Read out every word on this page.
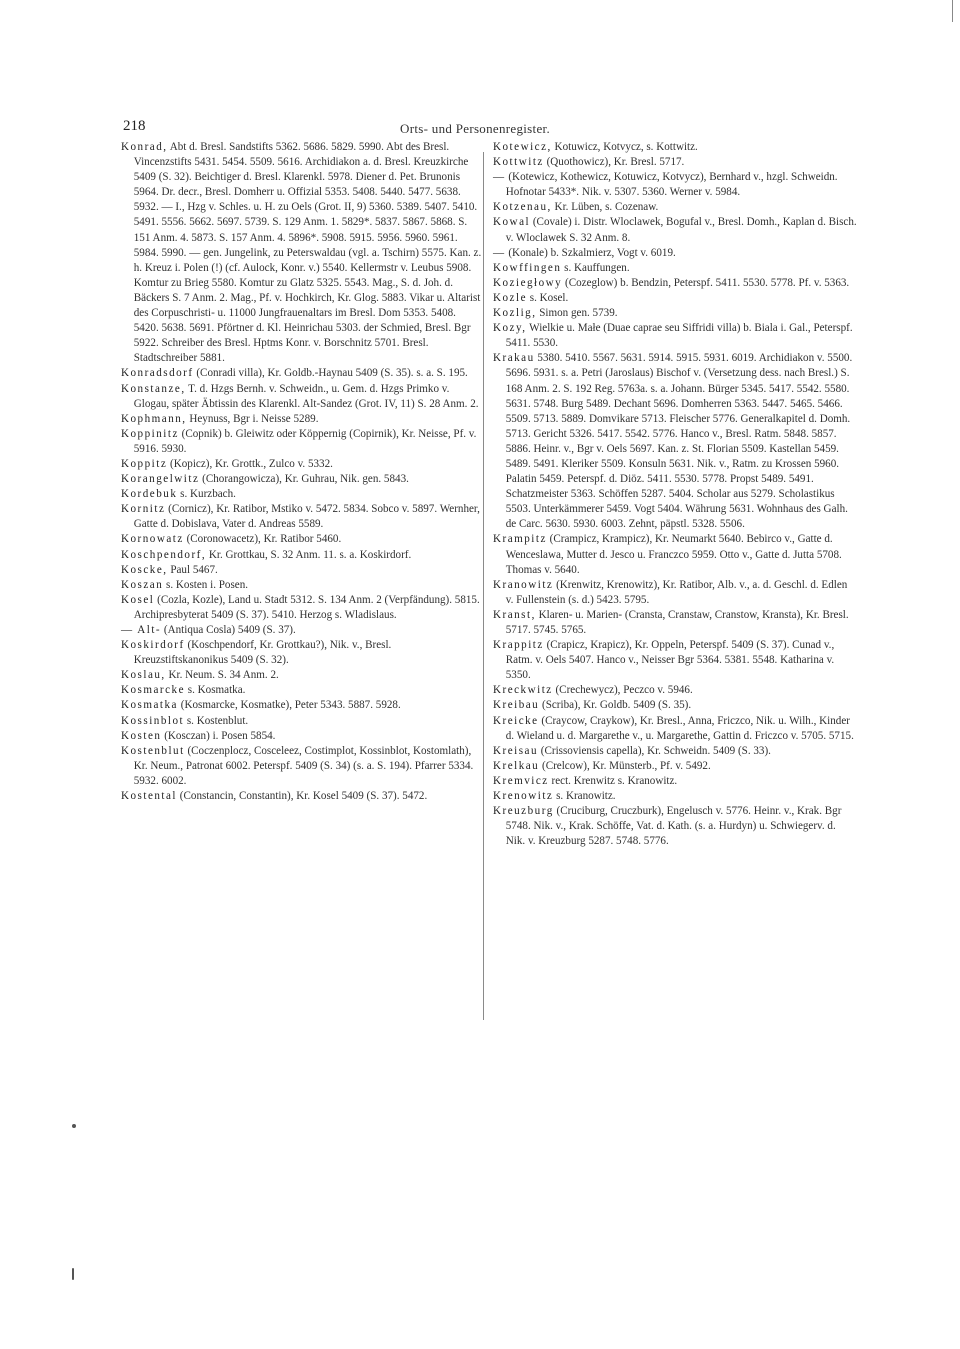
218	Orts- und Personenregister.

Konrad, Abt d. Bresl. Sandstifts 5362. 5686. 5829. 5990. Abt des Bresl. Vincenzstifts 5431. 5454. 5509. 5616. Archidiakon a. d. Bresl. Kreuzkirche 5409 (S. 32). Beichtiger d. Bresl. Klarenkl. 5978. Diener d. Pet. Brunonis 5964. Dr. decr., Bresl. Domherr u. Offizial 5353. 5408. 5440. 5477. 5638. 5932. — I., Hzg v. Schles. u. H. zu Oels (Grot. II, 9) 5360. 5389. 5407. 5410. 5491. 5556. 5662. 5697. 5739. S. 129 Anm. 1. 5829*. 5837. 5867. 5868. S. 151 Anm. 4. 5873. S. 157 Anm. 4. 5896*. 5908. 5915. 5956. 5960. 5961. 5984. 5990. — gen. Jungelink, zu Peterswaldau (vgl. a. Tschirn) 5575. Kan. z. h. Kreuz i. Polen (!) (cf. Aulock, Konr. v.) 5540. Kellermstr v. Leubus 5908. Komtur zu Brieg 5580. Komtur zu Glatz 5325. 5543. Mag., S. d. Joh. d. Bäckers S. 7 Anm. 2. Mag., Pf. v. Hochkirch, Kr. Glog. 5883. Vikar u. Altarist des Corpuschristi- u. 11000 Jungfrauenaltars im Bresl. Dom 5353. 5408. 5420. 5638. 5691. Pförtner d. Kl. Heinrichau 5303. der Schmied, Bresl. Bgr 5922. Schreiber des Bresl. Hptms Konr. v. Borschnitz 5701. Bresl. Stadtschreiber 5881.

Konradsdorf (Conradi villa), Kr. Goldb.-Haynau 5409 (S. 35). s. a. S. 195.

Konstanze, T. d. Hzgs Bernh. v. Schweidn., u. Gem. d. Hzgs Primko v. Glogau, später Äbtissin des Klarenkl. Alt-Sandez (Grot. IV, 11) S. 28 Anm. 2.

Kophmann, Heynuss, Bgr i. Neisse 5289.

Koppinitz (Copnik) b. Gleiwitz oder Köppernig (Copirnik), Kr. Neisse, Pf. v. 5916. 5930.

Koppitz (Kopicz), Kr. Grottk., Zulco v. 5332.

Korangelwitz (Chorangowicza), Kr. Guhrau, Nik. gen. 5843.

Kordebuk s. Kurzbach.

Kornitz (Cornicz), Kr. Ratibor, Mstiko v. 5472. 5834. Sobco v. 5897. Wernher, Gatte d. Dobislava, Vater d. Andreas 5589.

Kornowatz (Coronowacetz), Kr. Ratibor 5460.

Koschpendorf, Kr. Grottkau, S. 32 Anm. 11. s. a. Koskirdorf.

Koscke, Paul 5467.

Koszan s. Kosten i. Posen.

Kosel (Cozla, Kozle), Land u. Stadt 5312. S. 134 Anm. 2 (Verpfändung). 5815. Archipresbyterat 5409 (S. 37). 5410. Herzog s. Wladislaus.

— Alt- (Antiqua Cosla) 5409 (S. 37).

Koskirdorf (Koschpendorf, Kr. Grottkau?), Nik. v., Bresl. Kreuzstiftskanonikus 5409 (S. 32).

Koslau, Kr. Neum. S. 34 Anm. 2.

Kosmarcke s. Kosmatka.

Kosmatka (Kosmarcke, Kosmatke), Peter 5343. 5887. 5928.

Kossinblot s. Kostenblut.

Kosten (Kosczan) i. Posen 5854.

Kostenblut (Coczenplocz, Cosceleez, Costimplot, Kossinblot, Kostomlath), Kr. Neum., Patronat 6002. Peterspf. 5409 (S. 34) (s. a. S. 194). Pfarrer 5334. 5932. 6002.

Kostental (Constancin, Constantin), Kr. Kosel 5409 (S. 37). 5472.

Kotewicz, Kotuwicz, Kotvycz, s. Kottwitz.

Kottwitz (Quothowicz), Kr. Bresl. 5717.

— (Kotewicz, Kothewicz, Kotuwicz, Kotvycz), Bernhard v., hzgl. Schweidn. Hofnotar 5433*. Nik. v. 5307. 5360. Werner v. 5984.

Kotzenau, Kr. Lüben, s. Cozenaw.

Kowal (Covale) i. Distr. Wloclawek, Bogufal v., Bresl. Domh., Kaplan d. Bisch. v. Wloclawek S. 32 Anm. 8.

— (Konale) b. Szkalmierz, Vogt v. 6019.

Kowffingen s. Kauffungen.

Koziegłowy (Cozeglow) b. Bendzin, Peterspf. 5411. 5530. 5778. Pf. v. 5363.

Kozle s. Kosel.

Kozlig, Simon gen. 5739.

Kozy, Wielkie u. Małe (Duae caprae seu Siffridi villa) b. Biala i. Gal., Peterspf. 5411. 5530.

Krakau 5380. 5410. 5567. 5631. 5914. 5915. 5931. 6019. Archidiakon v. 5500. 5696. 5931. s. a. Petri (Jaroslaus) Bischof v. (Versetzung dess. nach Bresl.) S. 168 Anm. 2. S. 192 Reg. 5763a. s. a. Johann. Bürger 5345. 5417. 5542. 5580. 5631. 5748. Burg 5489. Dechant 5696. Domherren 5363. 5447. 5465. 5466. 5509. 5713. 5889. Domvikare 5713. Fleischer 5776. Generalkapitel d. Domh. 5713. Gericht 5326. 5417. 5542. 5776. Hanco v., Bresl. Ratm. 5848. 5857. 5886. Heinr. v., Bgr v. Oels 5697. Kan. z. St. Florian 5509. Kastellan 5459. 5489. 5491. Kleriker 5509. Konsuln 5631. Nik. v., Ratm. zu Krossen 5960. Palatin 5459. Peterspf. d. Diöz. 5411. 5530. 5778. Propst 5489. 5491. Schatzmeister 5363. Schöffen 5287. 5404. Scholar aus 5279. Scholastikus 5503. Unterkämmerer 5459. Vogt 5404. Währung 5631. Wohnhaus des Galh. de Carc. 5630. 5930. 6003. Zehnt, päpstl. 5328. 5506.

Krampitz (Crampicz, Krampicz), Kr. Neumarkt 5640. Bebirco v., Gatte d. Wenceslawa, Mutter d. Jesco u. Franczco 5959. Otto v., Gatte d. Jutta 5708. Thomas v. 5640.

Kranowitz (Krenwitz, Krenowitz), Kr. Ratibor, Alb. v., a. d. Geschl. d. Edlen v. Fullenstein (s. d.) 5423. 5795.

Kranst, Klaren- u. Marien- (Cransta, Cranstaw, Cranstow, Kransta), Kr. Bresl. 5717. 5745. 5765.

Krappitz (Crapicz, Krapicz), Kr. Oppeln, Peterspf. 5409 (S. 37). Cunad v., Ratm. v. Oels 5407. Hanco v., Neisser Bgr 5364. 5381. 5548. Katharina v. 5350.

Kreckwitz (Crechewycz), Peczco v. 5946.

Kreibau (Scriba), Kr. Goldb. 5409 (S. 35).

Kreicke (Craycow, Craykow), Kr. Bresl., Anna, Friczco, Nik. u. Wilh., Kinder d. Wieland u. d. Margarethe v., u. Margarethe, Gattin d. Friczco v. 5705. 5715.

Kreisau (Crissoviensis capella), Kr. Schweidn. 5409 (S. 33).

Krelkau (Crelcow), Kr. Münsterb., Pf. v. 5492.

Kremvicz rect. Krenwitz s. Kranowitz.

Krenowitz s. Kranowitz.

Kreuzburg (Cruciburg, Cruczburk), Engelusch v. 5776. Heinr. v., Krak. Bgr 5748. Nik. v., Krak. Schöffe, Vat. d. Kath. (s. a. Hurdyn) u. Schwiegerv. d. Nik. v. Kreuzburg 5287. 5748. 5776.
